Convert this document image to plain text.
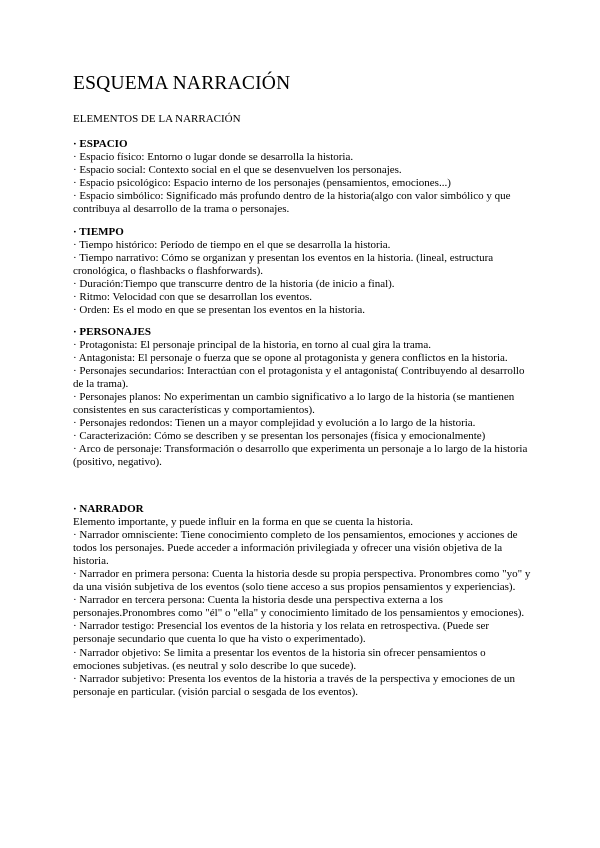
ESQUEMA NARRACIÓN
ELEMENTOS DE LA NARRACIÓN
· ESPACIO
· Espacio físico: Entorno o lugar donde se desarrolla la historia.
· Espacio social: Contexto social en el que se desenvuelven los personajes.
· Espacio psicológico: Espacio interno de los personajes (pensamientos, emociones...)
· Espacio simbólico: Significado más profundo dentro de la historia(algo con valor simbólico y que contribuya al desarrollo de la trama o personajes.
· TIEMPO
· Tiempo histórico: Período de tiempo en el que se desarrolla la historia.
· Tiempo narrativo: Cómo se organizan y presentan los eventos en la historia. (lineal, estructura cronológica, o flashbacks o flashforwards).
· Duración:Tiempo que transcurre dentro de la historia (de inicio a final).
· Ritmo: Velocidad con que se desarrollan los eventos.
· Orden: Es el modo en que se presentan los eventos en la historia.
· PERSONAJES
· Protagonista: El personaje principal de la historia, en torno al cual gira la trama.
· Antagonista: El personaje o fuerza que se opone al protagonista y genera conflictos en la historia.
· Personajes secundarios: Interactúan con el protagonista y el antagonista( Contribuyendo al desarrollo de la trama).
· Personajes planos: No experimentan un cambio significativo a lo largo de la historia (se mantienen consistentes en sus características y comportamientos).
· Personajes redondos: Tienen un a mayor complejidad y evolución a lo largo de la historia.
· Caracterización: Cómo se describen y se presentan los personajes (física y emocionalmente)
· Arco de personaje: Transformación o desarrollo que experimenta un personaje a lo largo de la historia (positivo, negativo).
· NARRADOR
Elemento importante, y puede influir en la forma en que se cuenta la historia.
· Narrador omnisciente: Tiene conocimiento completo de los pensamientos, emociones y acciones de todos los personajes. Puede acceder a información privilegiada y ofrecer una visión objetiva de la historia.
· Narrador en primera persona: Cuenta la historia desde su propia perspectiva. Pronombres como "yo" y da una visión subjetiva de los eventos (solo tiene acceso a sus propios pensamientos y experiencias).
· Narrador en tercera persona: Cuenta la historia desde una perspectiva externa a los personajes.Pronombres como "él" o "ella" y conocimiento limitado de los pensamientos y emociones).
· Narrador testigo: Presencial los eventos de la historia y los relata en retrospectiva. (Puede ser personaje secundario que cuenta lo que ha visto o experimentado).
· Narrador objetivo: Se limita a presentar los eventos de la historia sin ofrecer pensamientos o emociones subjetivas. (es neutral y solo describe lo que sucede).
· Narrador subjetivo: Presenta los eventos de la historia a través de la perspectiva y emociones de un personaje en particular. (visión parcial o sesgada de los eventos).
